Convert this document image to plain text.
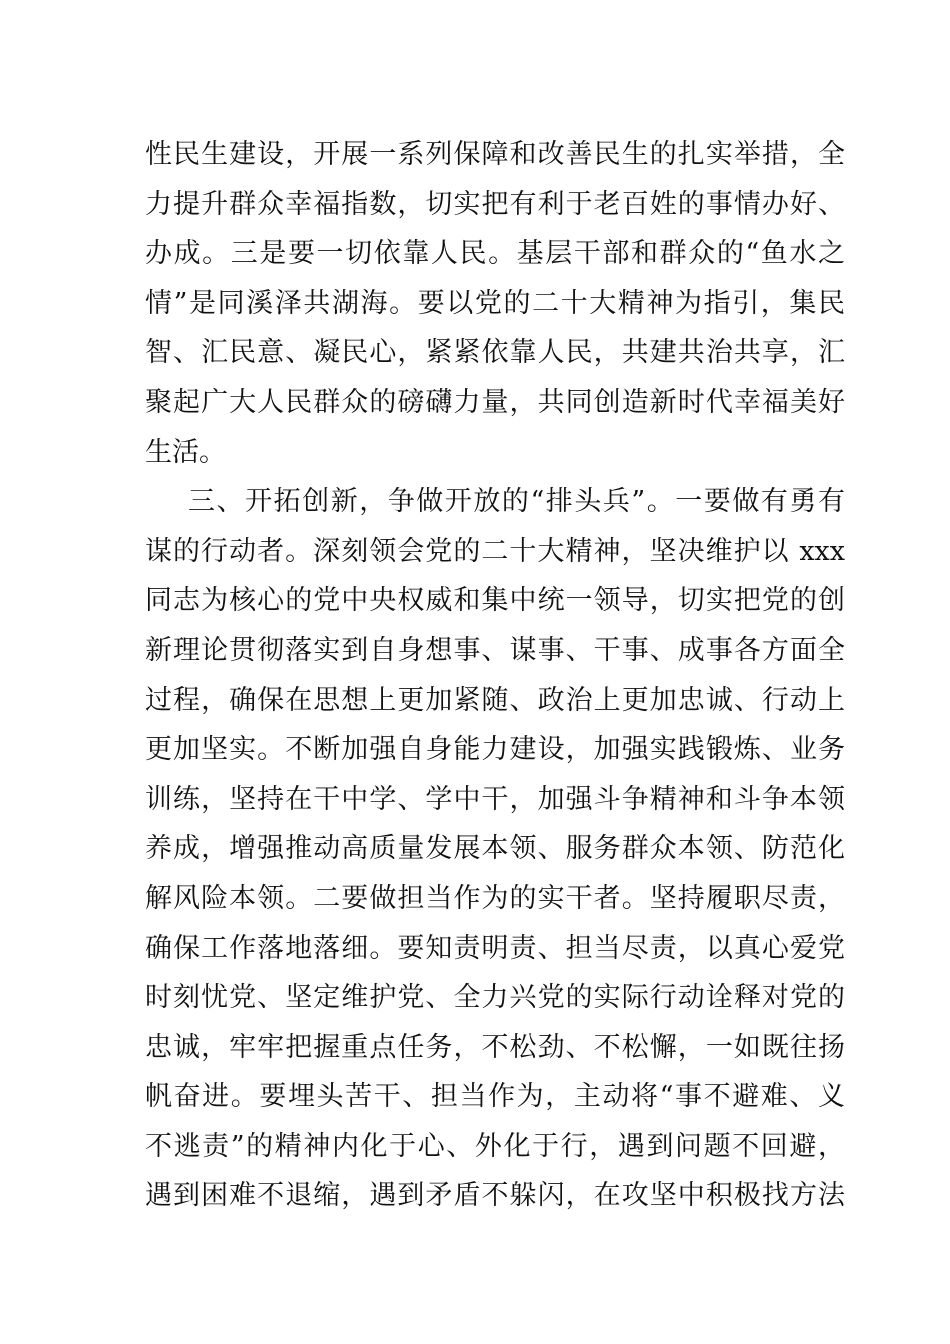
性民生建设，开展一系列保障和改善民生的扎实举措，全
力提升群众幸福指数，切实把有利于老百姓的事情办好、
办成。三是要一切依靠人民。基层干部和群众的“鱼水之
情”是同溪泽共湖海。要以党的二十大精神为指引，集民
智、汇民意、凝民心，紧紧依靠人民，共建共治共享，汇
聚起广大人民群众的磅礴力量，共同创造新时代幸福美好
生活。
三、开拓创新，争做开放的“排头兵”。一要做有勇有
谋的行动者。深刻领会党的二十大精神，坚决维护以 xxx
同志为核心的党中央权威和集中统一领导，切实把党的创
新理论贯彻落实到自身想事、谋事、干事、成事各方面全
过程，确保在思想上更加紧随、政治上更加忠诚、行动上
更加坚实。不断加强自身能力建设，加强实践锻炼、业务
训练，坚持在干中学、学中干，加强斗争精神和斗争本领
养成，增强推动高质量发展本领、服务群众本领、防范化
解风险本领。二要做担当作为的实干者。坚持履职尽责，
确保工作落地落细。要知责明责、担当尽责，以真心爱党
时刻忧党、坚定维护党、全力兴党的实际行动诠释对党的
忠诚，牢牢把握重点任务，不松劲、不松懈，一如既往扬
帆奋进。要埋头苦干、担当作为，主动将“事不避难、义
不逃责”的精神内化于心、外化于行，遇到问题不回避，
遇到困难不退缩，遇到矛盾不躲闪，在攻坚中积极找方法
